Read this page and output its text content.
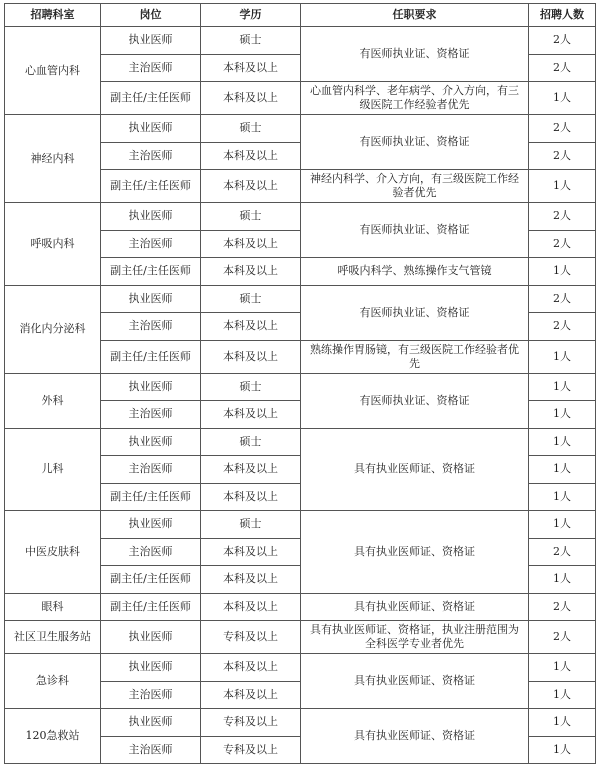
招聘科室	岗位	学历	任职要求	招聘人数
心血管内科	执业医师	硕士	有医师执业证、资格证	2人
	主治医师	本科及以上		2人
	副主任/主任医师	本科及以上	心血管内科学、老年病学、介入方向，有三级医院工作经验者优先	1人
神经内科	执业医师	硕士	有医师执业证、资格证	2人
	主治医师	本科及以上		2人
	副主任/主任医师	本科及以上	神经内科学、介入方向，有三级医院工作经验者优先	1人
呼吸内科	执业医师	硕士	有医师执业证、资格证	2人
	主治医师	本科及以上		2人
	副主任/主任医师	本科及以上	呼吸内科学、熟练操作支气管镜	1人
消化内分泌科	执业医师	硕士	有医师执业证、资格证	2人
	主治医师	本科及以上		2人
	副主任/主任医师	本科及以上	熟练操作胃肠镜，有三级医院工作经验者优先	1人
外科	执业医师	硕士	有医师执业证、资格证	1人
	主治医师	本科及以上		1人
儿科	执业医师	硕士	具有执业医师证、资格证	1人
	主治医师	本科及以上		1人
	副主任/主任医师	本科及以上		1人
中医皮肤科	执业医师	硕士	具有执业医师证、资格证	1人
	主治医师	本科及以上		2人
	副主任/主任医师	本科及以上		1人
眼科	副主任/主任医师	本科及以上	具有执业医师证、资格证	2人
社区卫生服务站	执业医师	专科及以上	具有执业医师证、资格证，执业注册范围为全科医学专业者优先	2人
急诊科	执业医师	本科及以上	具有执业医师证、资格证	1人
	主治医师	本科及以上		1人
120急救站	执业医师	专科及以上	具有执业医师证、资格证	1人
	主治医师	专科及以上		1人
